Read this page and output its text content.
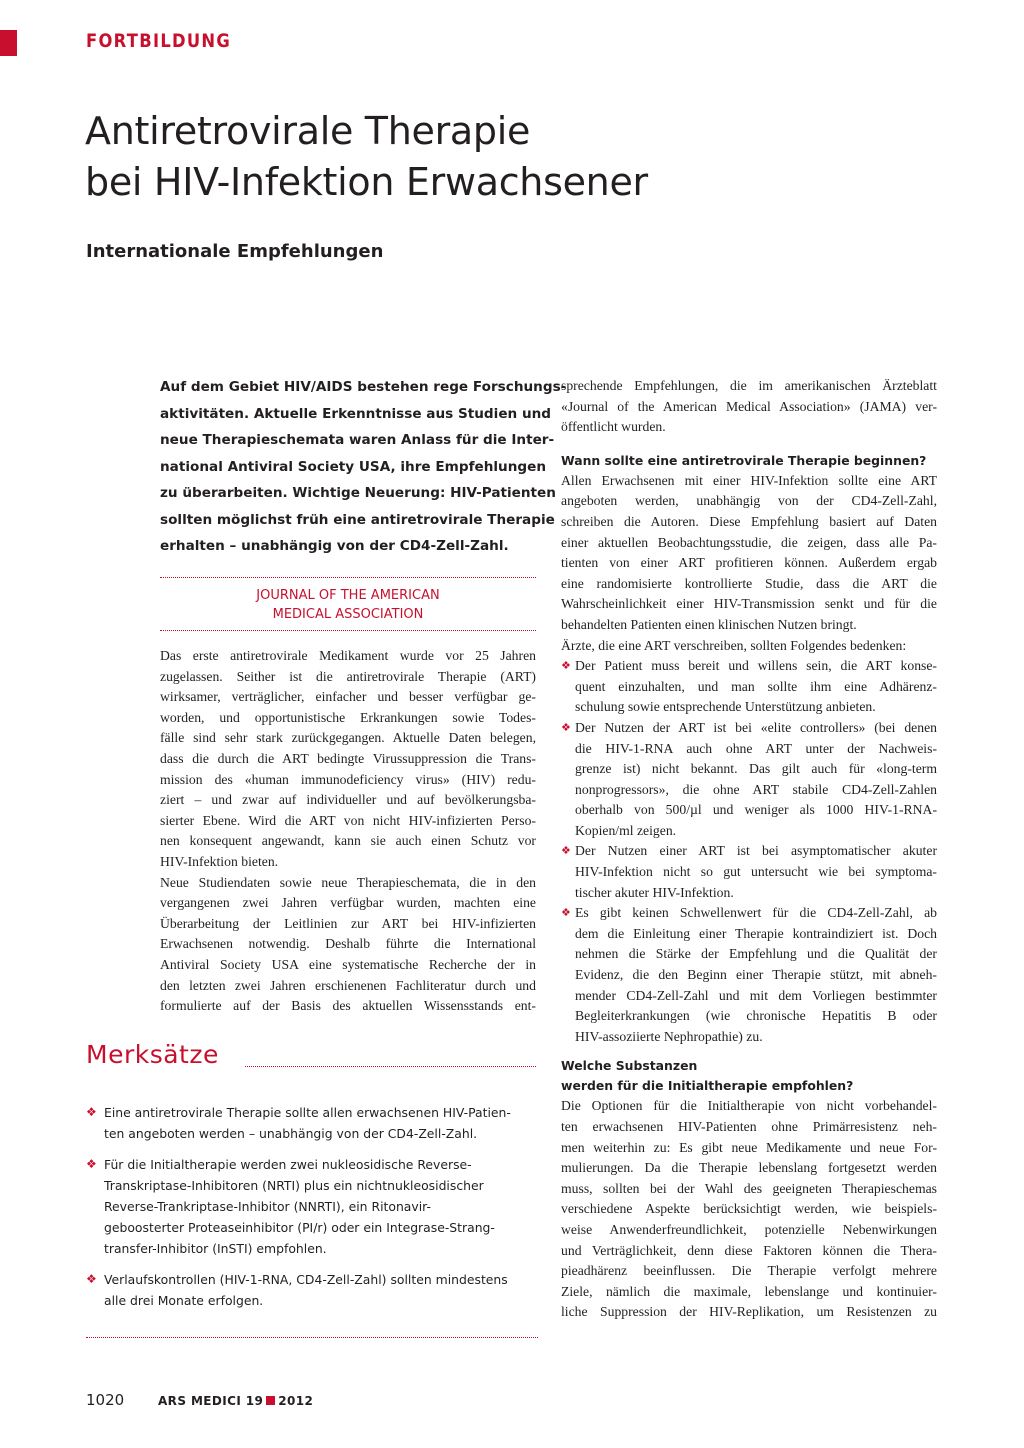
FORTBILDUNG
Antiretrovirale Therapie
bei HIV-Infektion Erwachsener
Internationale Empfehlungen
Auf dem Gebiet HIV/AIDS bestehen rege Forschungs-
aktivitäten. Aktuelle Erkenntnisse aus Studien und
neue Therapieschemata waren Anlass für die Inter-
national Antiviral Society USA, ihre Empfehlungen
zu überarbeiten. Wichtige Neuerung: HIV-Patienten
sollten möglichst früh eine antiretrovirale Therapie
erhalten – unabhängig von der CD4-Zell-Zahl.
JOURNAL OF THE AMERICAN
MEDICAL ASSOCIATION
Das erste antiretrovirale Medikament wurde vor 25 Jahren
zugelassen. Seither ist die antiretrovirale Therapie (ART)
wirksamer, verträglicher, einfacher und besser verfügbar ge-
worden, und opportunistische Erkrankungen sowie Todes-
fälle sind sehr stark zurückgegangen. Aktuelle Daten belegen,
dass die durch die ART bedingte Virussuppression die Trans-
mission des «human immunodeficiency virus» (HIV) redu-
ziert – und zwar auf individueller und auf bevölkerungsba-
sierter Ebene. Wird die ART von nicht HIV-infizierten Perso-
nen konsequent angewandt, kann sie auch einen Schutz vor
HIV-Infektion bieten.
Neue Studiendaten sowie neue Therapieschemata, die in den
vergangenen zwei Jahren verfügbar wurden, machten eine
Überarbeitung der Leitlinien zur ART bei HIV-infizierten
Erwachsenen notwendig. Deshalb führte die International
Antiviral Society USA eine systematische Recherche der in
den letzten zwei Jahren erschienenen Fachliteratur durch und
formulierte auf der Basis des aktuellen Wissensstands ent-
Merksätze
❖ Eine antiretrovirale Therapie sollte allen erwachsenen HIV-Patien-
ten angeboten werden – unabhängig von der CD4-Zell-Zahl.
❖ Für die Initialtherapie werden zwei nukleosidische Reverse-
Transkriptase-Inhibitoren (NRTI) plus ein nichtnukleosidischer
Reverse-Trankriptase-Inhibitor (NNRTI), ein Ritonavir-
geboosterter Proteaseinhibitor (PI/r) oder ein Integrase-Strang-
transfer-Inhibitor (InSTI) empfohlen.
❖ Verlaufskontrollen (HIV-1-RNA, CD4-Zell-Zahl) sollten mindestens
alle drei Monate erfolgen.
sprechende Empfehlungen, die im amerikanischen Ärzteblatt
«Journal of the American Medical Association» (JAMA) ver-
öffentlicht wurden.
Wann sollte eine antiretrovirale Therapie beginnen?
Allen Erwachsenen mit einer HIV-Infektion sollte eine ART
angeboten werden, unabhängig von der CD4-Zell-Zahl,
schreiben die Autoren. Diese Empfehlung basiert auf Daten
einer aktuellen Beobachtungsstudie, die zeigen, dass alle Pa-
tienten von einer ART profitieren können. Außerdem ergab
eine randomisierte kontrollierte Studie, dass die ART die
Wahrscheinlichkeit einer HIV-Transmission senkt und für die
behandelten Patienten einen klinischen Nutzen bringt.
Ärzte, die eine ART verschreiben, sollten Folgendes bedenken:
❖ Der Patient muss bereit und willens sein, die ART konse-
quent einzuhalten, und man sollte ihm eine Adhärenz-
schulung sowie entsprechende Unterstützung anbieten.
❖ Der Nutzen der ART ist bei «elite controllers» (bei denen
die HIV-1-RNA auch ohne ART unter der Nachweis-
grenze ist) nicht bekannt. Das gilt auch für «long-term
nonprogressors», die ohne ART stabile CD4-Zell-Zahlen
oberhalb von 500/µl und weniger als 1000 HIV-1-RNA-
Kopien/ml zeigen.
❖ Der Nutzen einer ART ist bei asymptomatischer akuter
HIV-Infektion nicht so gut untersucht wie bei symptoma-
tischer akuter HIV-Infektion.
❖ Es gibt keinen Schwellenwert für die CD4-Zell-Zahl, ab
dem die Einleitung einer Therapie kontraindiziert ist. Doch
nehmen die Stärke der Empfehlung und die Qualität der
Evidenz, die den Beginn einer Therapie stützt, mit abneh-
mender CD4-Zell-Zahl und mit dem Vorliegen bestimmter
Begleiterkrankungen (wie chronische Hepatitis B oder
HIV-assoziierte Nephropathie) zu.
Welche Substanzen
werden für die Initialtherapie empfohlen?
Die Optionen für die Initialtherapie von nicht vorbehandel-
ten erwachsenen HIV-Patienten ohne Primärresistenz neh-
men weiterhin zu: Es gibt neue Medikamente und neue For-
mulierungen. Da die Therapie lebenslang fortgesetzt werden
muss, sollten bei der Wahl des geeigneten Therapieschemas
verschiedene Aspekte berücksichtigt werden, wie beispiels-
weise Anwenderfreundlichkeit, potenzielle Nebenwirkungen
und Verträglichkeit, denn diese Faktoren können die Thera-
pieadhärenz beeinflussen. Die Therapie verfolgt mehrere
Ziele, nämlich die maximale, lebenslange und kontinuier-
liche Suppression der HIV-Replikation, um Resistenzen zu
1020	ARS MEDICI 19 2012
